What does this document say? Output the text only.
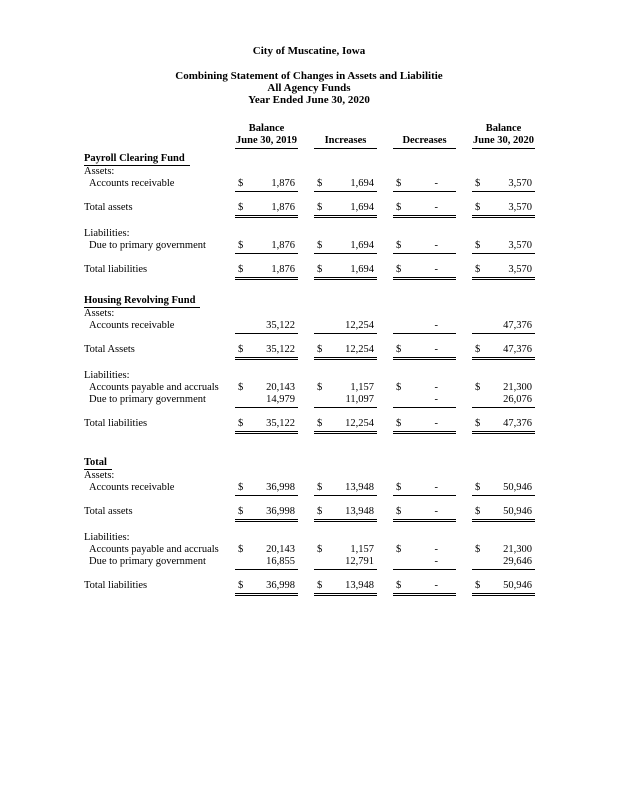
City of Muscatine, Iowa
Combining Statement of Changes in Assets and Liabilitie
All Agency Funds
Year Ended June 30, 2020
Balance
June 30, 2019	Increases	Decreases
Balance
June 30, 2020
Payroll Clearing Fund
Assets:
Accounts receivable	$	1,876 $	1,694 $	-	$	3,570
Total assets	$	1,876 $	1,694 $	-	$	3,570
Liabilities:
Due to primary government	$	1,876 $	1,694 $	-	$	3,570
Total liabilities	$	1,876 $	1,694 $	-	$	3,570
Housing Revolving Fund
Assets:
Accounts receivable	35,122	12,254	-	47,376
Total Assets	$ 35,122 $ 12,254 $	-	$ 47,376
Liabilities:
Accounts payable and accruals $ 20,143 $	1,157 $	-	$ 21,300
Due to primary government	14,979	11,097	-	26,076
Total liabilities	$ 35,122 $ 12,254 $	-	$ 47,376
Total
Assets:
Accounts receivable	$ 36,998 $ 13,948 $	-	$ 50,946
Total assets	$ 36,998 $ 13,948 $	-	$ 50,946
Liabilities:
Accounts payable and accruals $ 20,143 $	1,157 $	-	$ 21,300
Due to primary government	16,855	12,791	-	29,646
Total liabilities	$ 36,998 $ 13,948 $	-	$ 50,946
